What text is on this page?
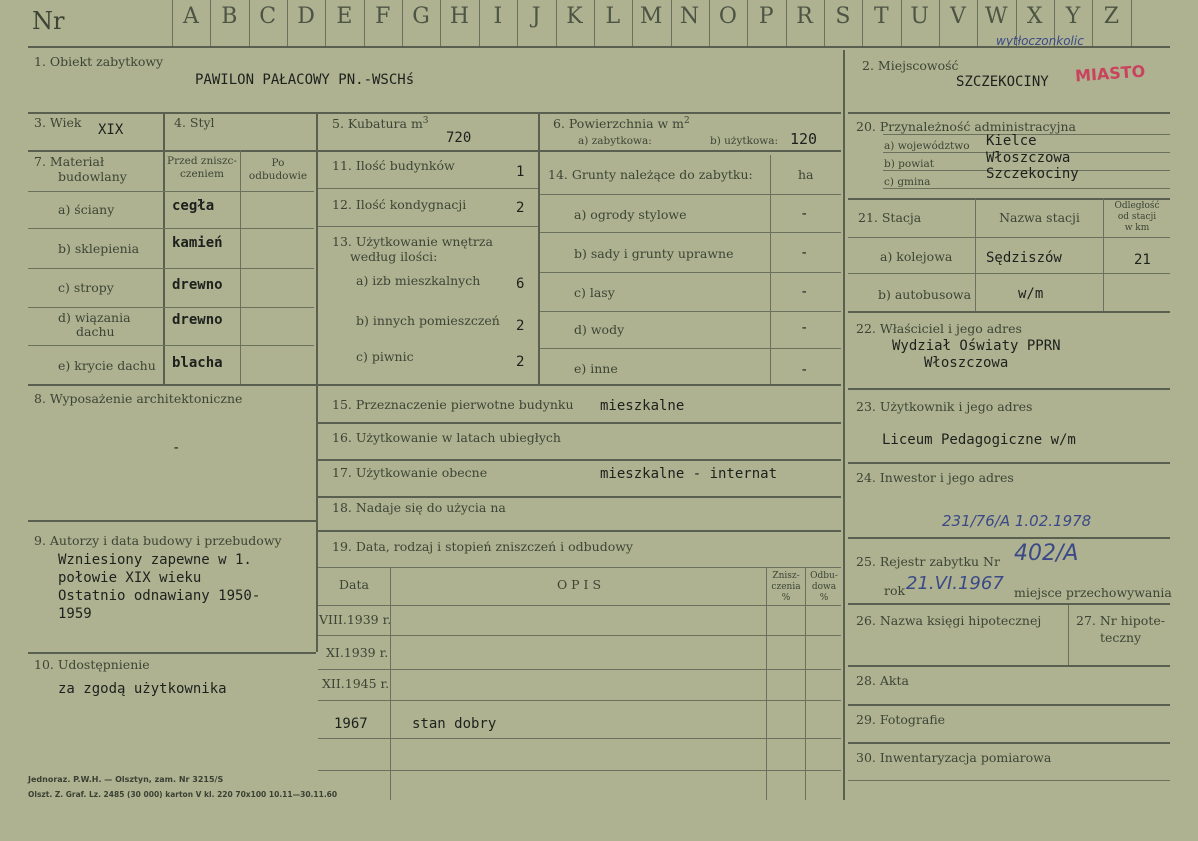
Nr	A	B C D E	F G H	I	J	K	L M N O P	R	S	T U V W X	Y	Z
wytłoczonkolic
1. Obiekt zabytkowy
PAWILON PAŁACOWY PN.-WSCHś
2. Miejscowość
SZCZEKOCINY MIASTO
3. Wiek XIX	4. Styl	5. Kubatura $m^3$
720
6. Powierzchnia w $m^2$
a) zabytkowa:	b) użytkowa: 120
7. Materiał
budowlany
Przed zniszc-
czeniem
Po
odbudowie
a) ściany	cegła
b) sklepienia kamień
c) stropy	drewno
d) wiązania
dachu
drewno
e) krycie dachu blacha
8. Wyposażenie architektoniczne
-
9. Autorzy i data budowy i przebudowy
Wzniesiony zapewne w 1.
połowie XIX wieku
Ostatnio odnawiany 1950-
1959
10. Udostępnienie
za zgodą użytkownika
11. Ilość budynków	1
12. Ilość kondygnacji	2
13. Użytkowanie wnętrza
według ilości:
a) izb mieszkalnych	6
b) innych pomieszczeń 2
c) piwnic	2
14. Grunty należące do zabytku:	ha
a) ogrody stylowe	-
b) sady i grunty uprawne	-
c) lasy	-
d) wody	-
e) inne	-
15. Przeznaczenie pierwotne budynku mieszkalne
16. Użytkowanie w latach ubiegłych
17. Użytkowanie obecne	mieszkalne - internat
18. Nadaje się do użycia na
19. Data, rodzaj i stopień zniszczeń i odbudowy
Data	O P I S
Znisz-
czenia
%
Odbu-
dowa
%
VIII.1939 r.
XI.1939 r.
XII.1945 r.
1967	stan dobry
20. Przynależność administracyjna
a) województwo Kielce
b) powiat	Włoszczowa
c) gmina	Szczekociny
21. Stacja	Nazwa stacji
Odległość
od stacji
w km
a) kolejowa Sędziszów	21
b) autobusowa	w/m
22. Właściciel i jego adres
Wydział Oświaty PPRN
Włoszczowa
23. Użytkownik i jego adres
Liceum Pedagogiczne w/m
24. Inwestor i jego adres
231/76/A 1.02.1978
25. Rejestr zabytku Nr 402/A
rok 21.VI.1967 miejsce przechowywania
26. Nazwa księgi hipotecznej	27. Nr hipote-
teczny
28. Akta
29. Fotografie
30. Inwentaryzacja pomiarowa
Jednoraz. P.W.H. — Olsztyn, zam. Nr 3215/S
Olszt. Z. Graf. Lz. 2485 (30 000) karton V kl. 220 70x100 10.11—30.11.60
